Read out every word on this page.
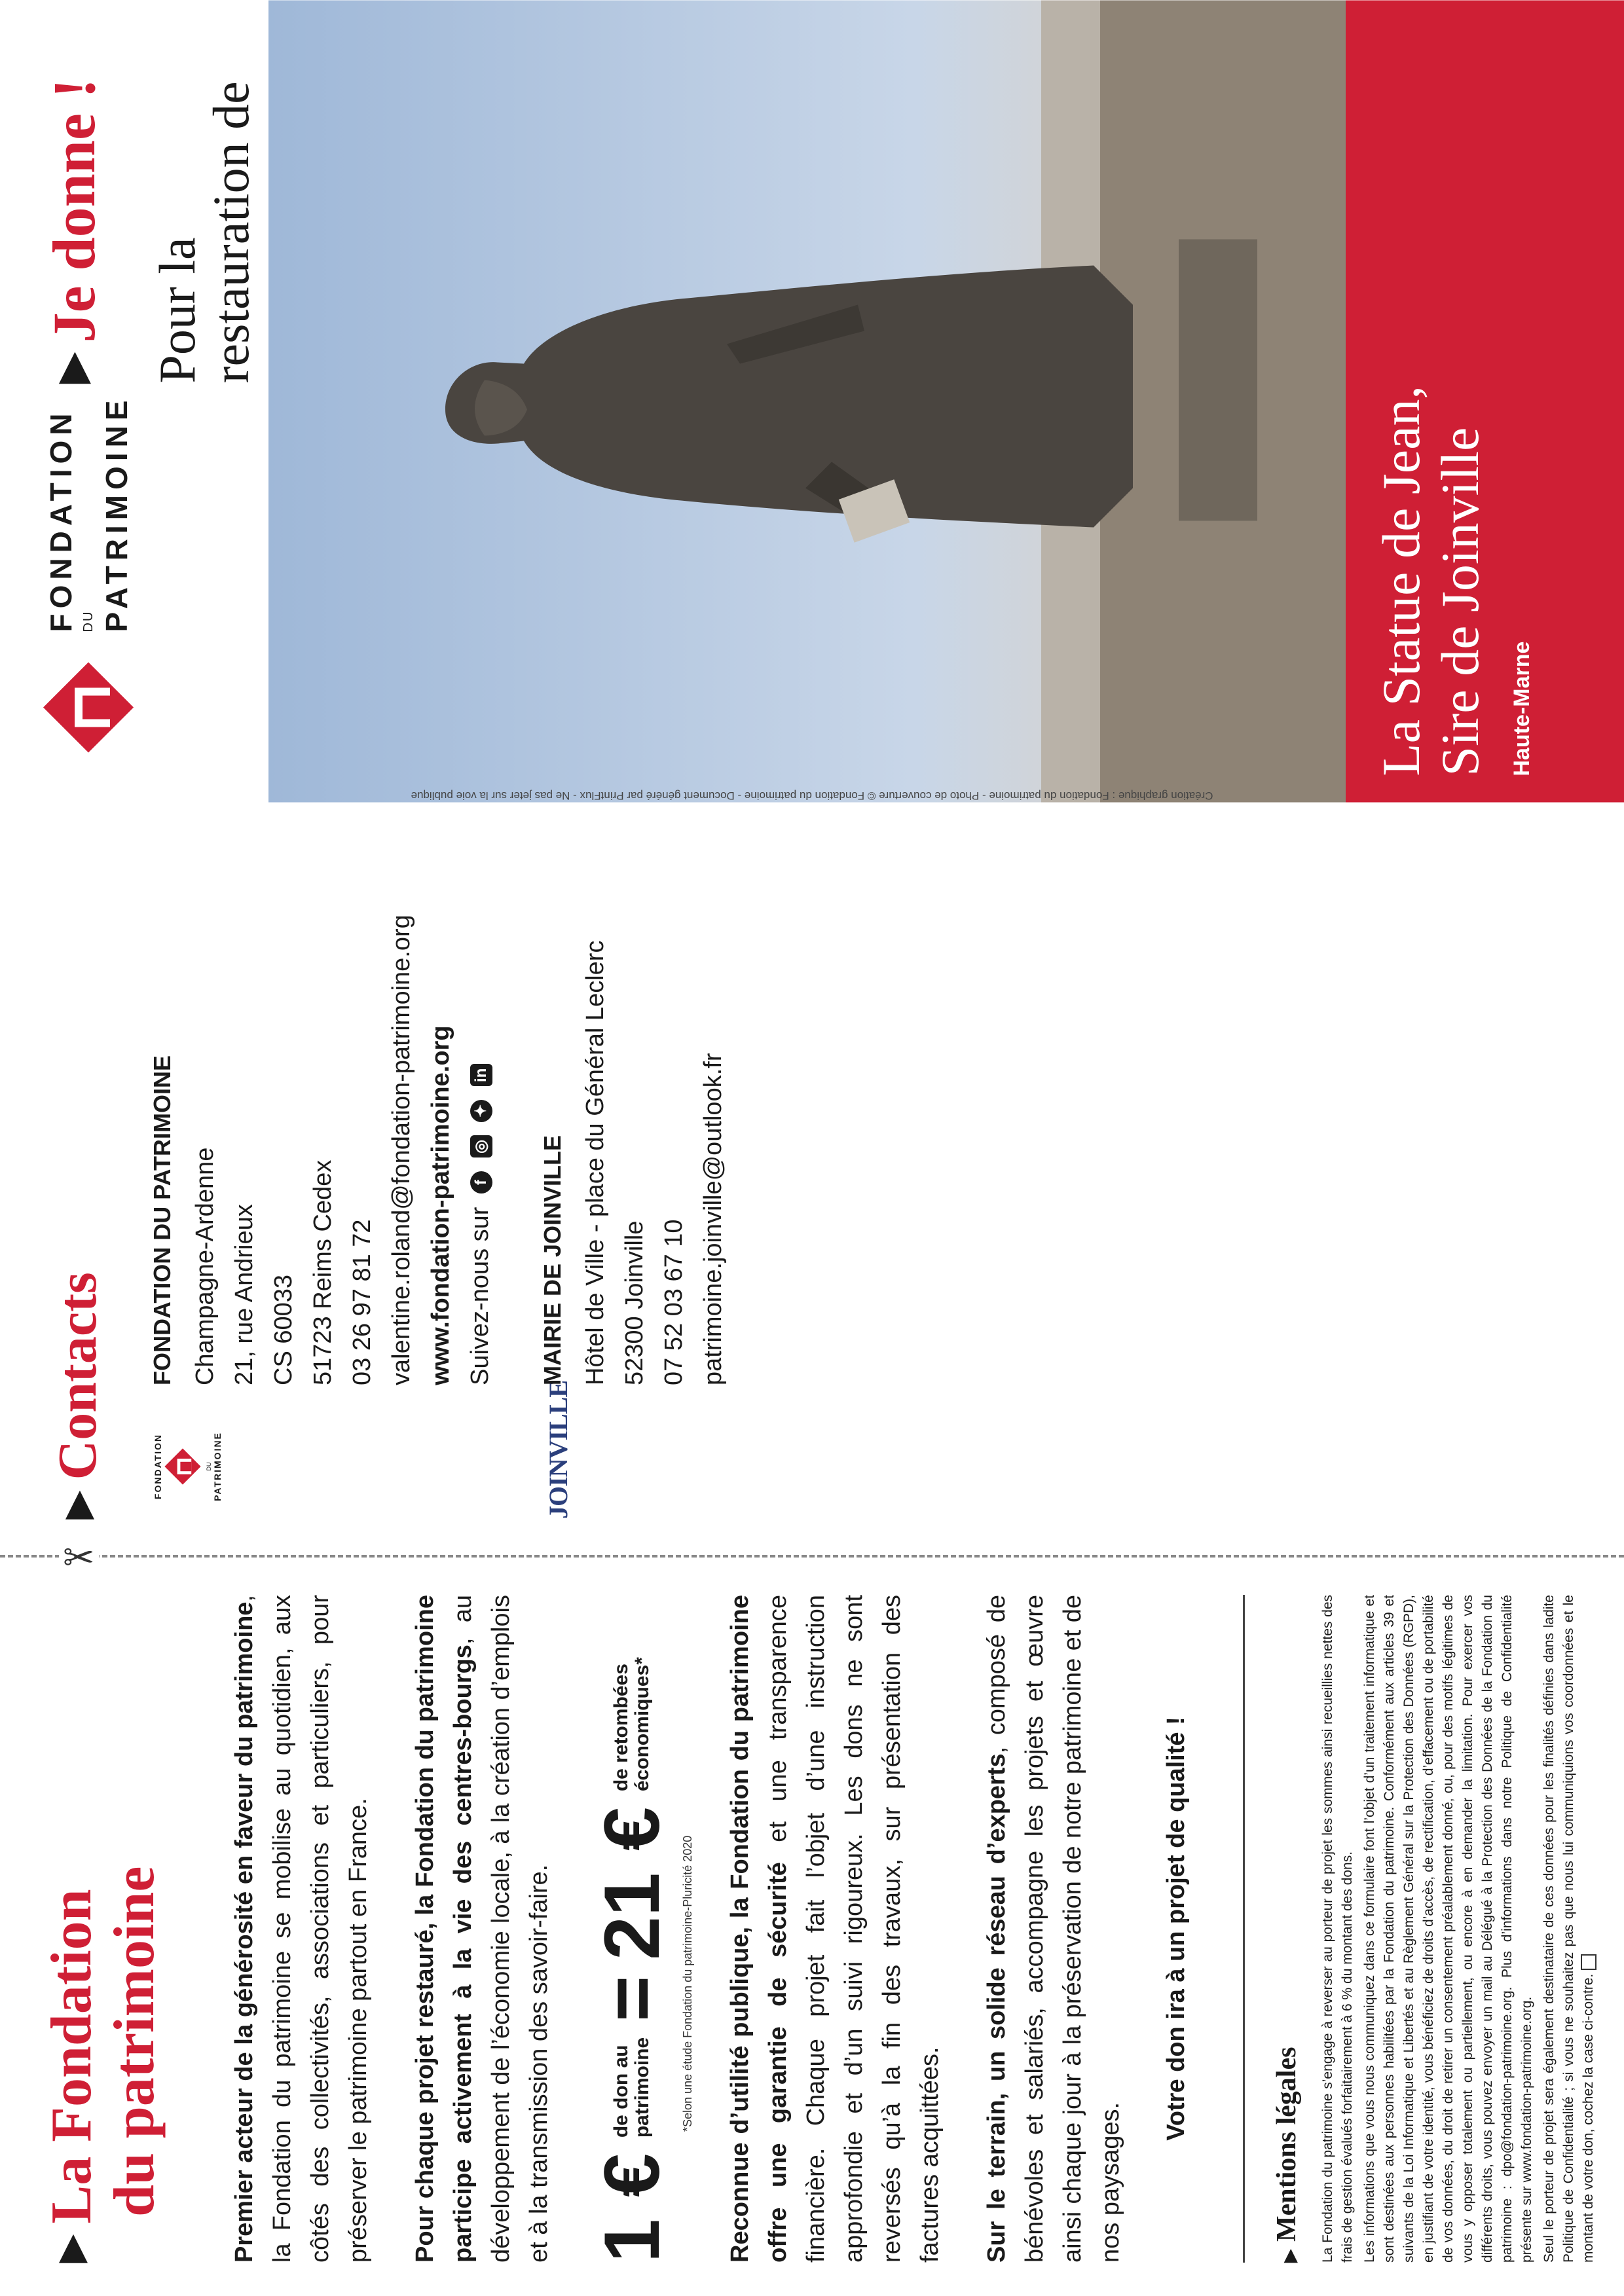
FONDATION DU PATRIMOINE
▶Je donne ! Pour la
restauration de
La Statue de Jean, Sire de Joinville Haute-Marne
Création graphique : Fondation du patrimoine - Photo de couverture © Fondation du patrimoine - Document généré par PrintFlux - Ne pas jeter sur la voie publique
▶Contacts	FONDATION	DU PATRIMOINE
FONDATION DU PATRIMOINE Champagne-Ardenne 21, rue Andrieux CS 60033 51723 Reims Cedex 03 26 97 81 72 valentine.roland@fondation-patrimoine.org www.fondation-patrimoine.org Suivez-nous sur f ◎ ✦ in
JOINVILLE
MAIRIE DE JOINVILLE Hôtel de Ville - place du Général Leclerc 52300 Joinville 07 52 03 67 10 patrimoine.joinville@outlook.fr
✂
▶La Fondation
du patrimoine	Premier acteur de la générosité en faveur du patrimoine, la Fondation du patrimoine se mobilise au quotidien, aux côtés des collectivités, associations et particuliers, pour préserver le patrimoine partout en France. Pour chaque projet restauré, la Fondation du patrimoine participe activement à la vie des centres-bourgs, au développement de l’économie locale, à la création d’emplois et à la transmission des savoir-faire. 1 €
de don au
patrimoine
=
21 €
de retombées
économiques*
*Selon une étude Fondation du patrimoine-Pluricité 2020 Reconnue d’utilité publique, la Fondation du patrimoine offre une garantie de sécurité et une transparence financière. Chaque projet fait l’objet d’une instruction approfondie et d’un suivi rigoureux. Les dons ne sont reversés qu’à la fin des travaux, sur présentation des factures acquittées. Sur le terrain, un solide réseau d’experts, composé de bénévoles et salariés, accompagne les projets et œuvre ainsi chaque jour à la préservation de notre patrimoine et de nos paysages.

Votre don ira à un projet de qualité !
▶Mentions légales La Fondation du patrimoine s’engage à reverser au porteur de projet les sommes ainsi recueillies nettes des frais de gestion évalués forfaitairement à 6 % du montant des dons. Les informations que vous nous communiquez dans ce formulaire font l’objet d’un traitement informatique et sont destinées aux personnes habilitées par la Fondation du patrimoine. Conformément aux articles 39 et suivants de la Loi Informatique et Libertés et au Règlement Général sur la Protection des Données (RGPD), en justifiant de votre identité, vous bénéficiez de droits d’accès, de rectification, d’effacement ou de portabilité de vos données, du droit de retirer un consentement préalablement donné, ou, pour des motifs légitimes de vous y opposer totalement ou partiellement, ou encore à en demander la limitation. Pour exercer vos différents droits, vous pouvez envoyer un mail au Délégué à la Protection des Données de la Fondation du patrimoine : dpo@fondation-patrimoine.org. Plus d’informations dans notre Politique de Confidentialité présente sur www.fondation-patrimoine.org. Seul le porteur de projet sera également destinataire de ces données pour les finalités définies dans ladite Politique de Confidentialité ; si vous ne souhaitez pas que nous lui communiquions vos coordonnées et le montant de votre don, cochez la case ci-contre.
